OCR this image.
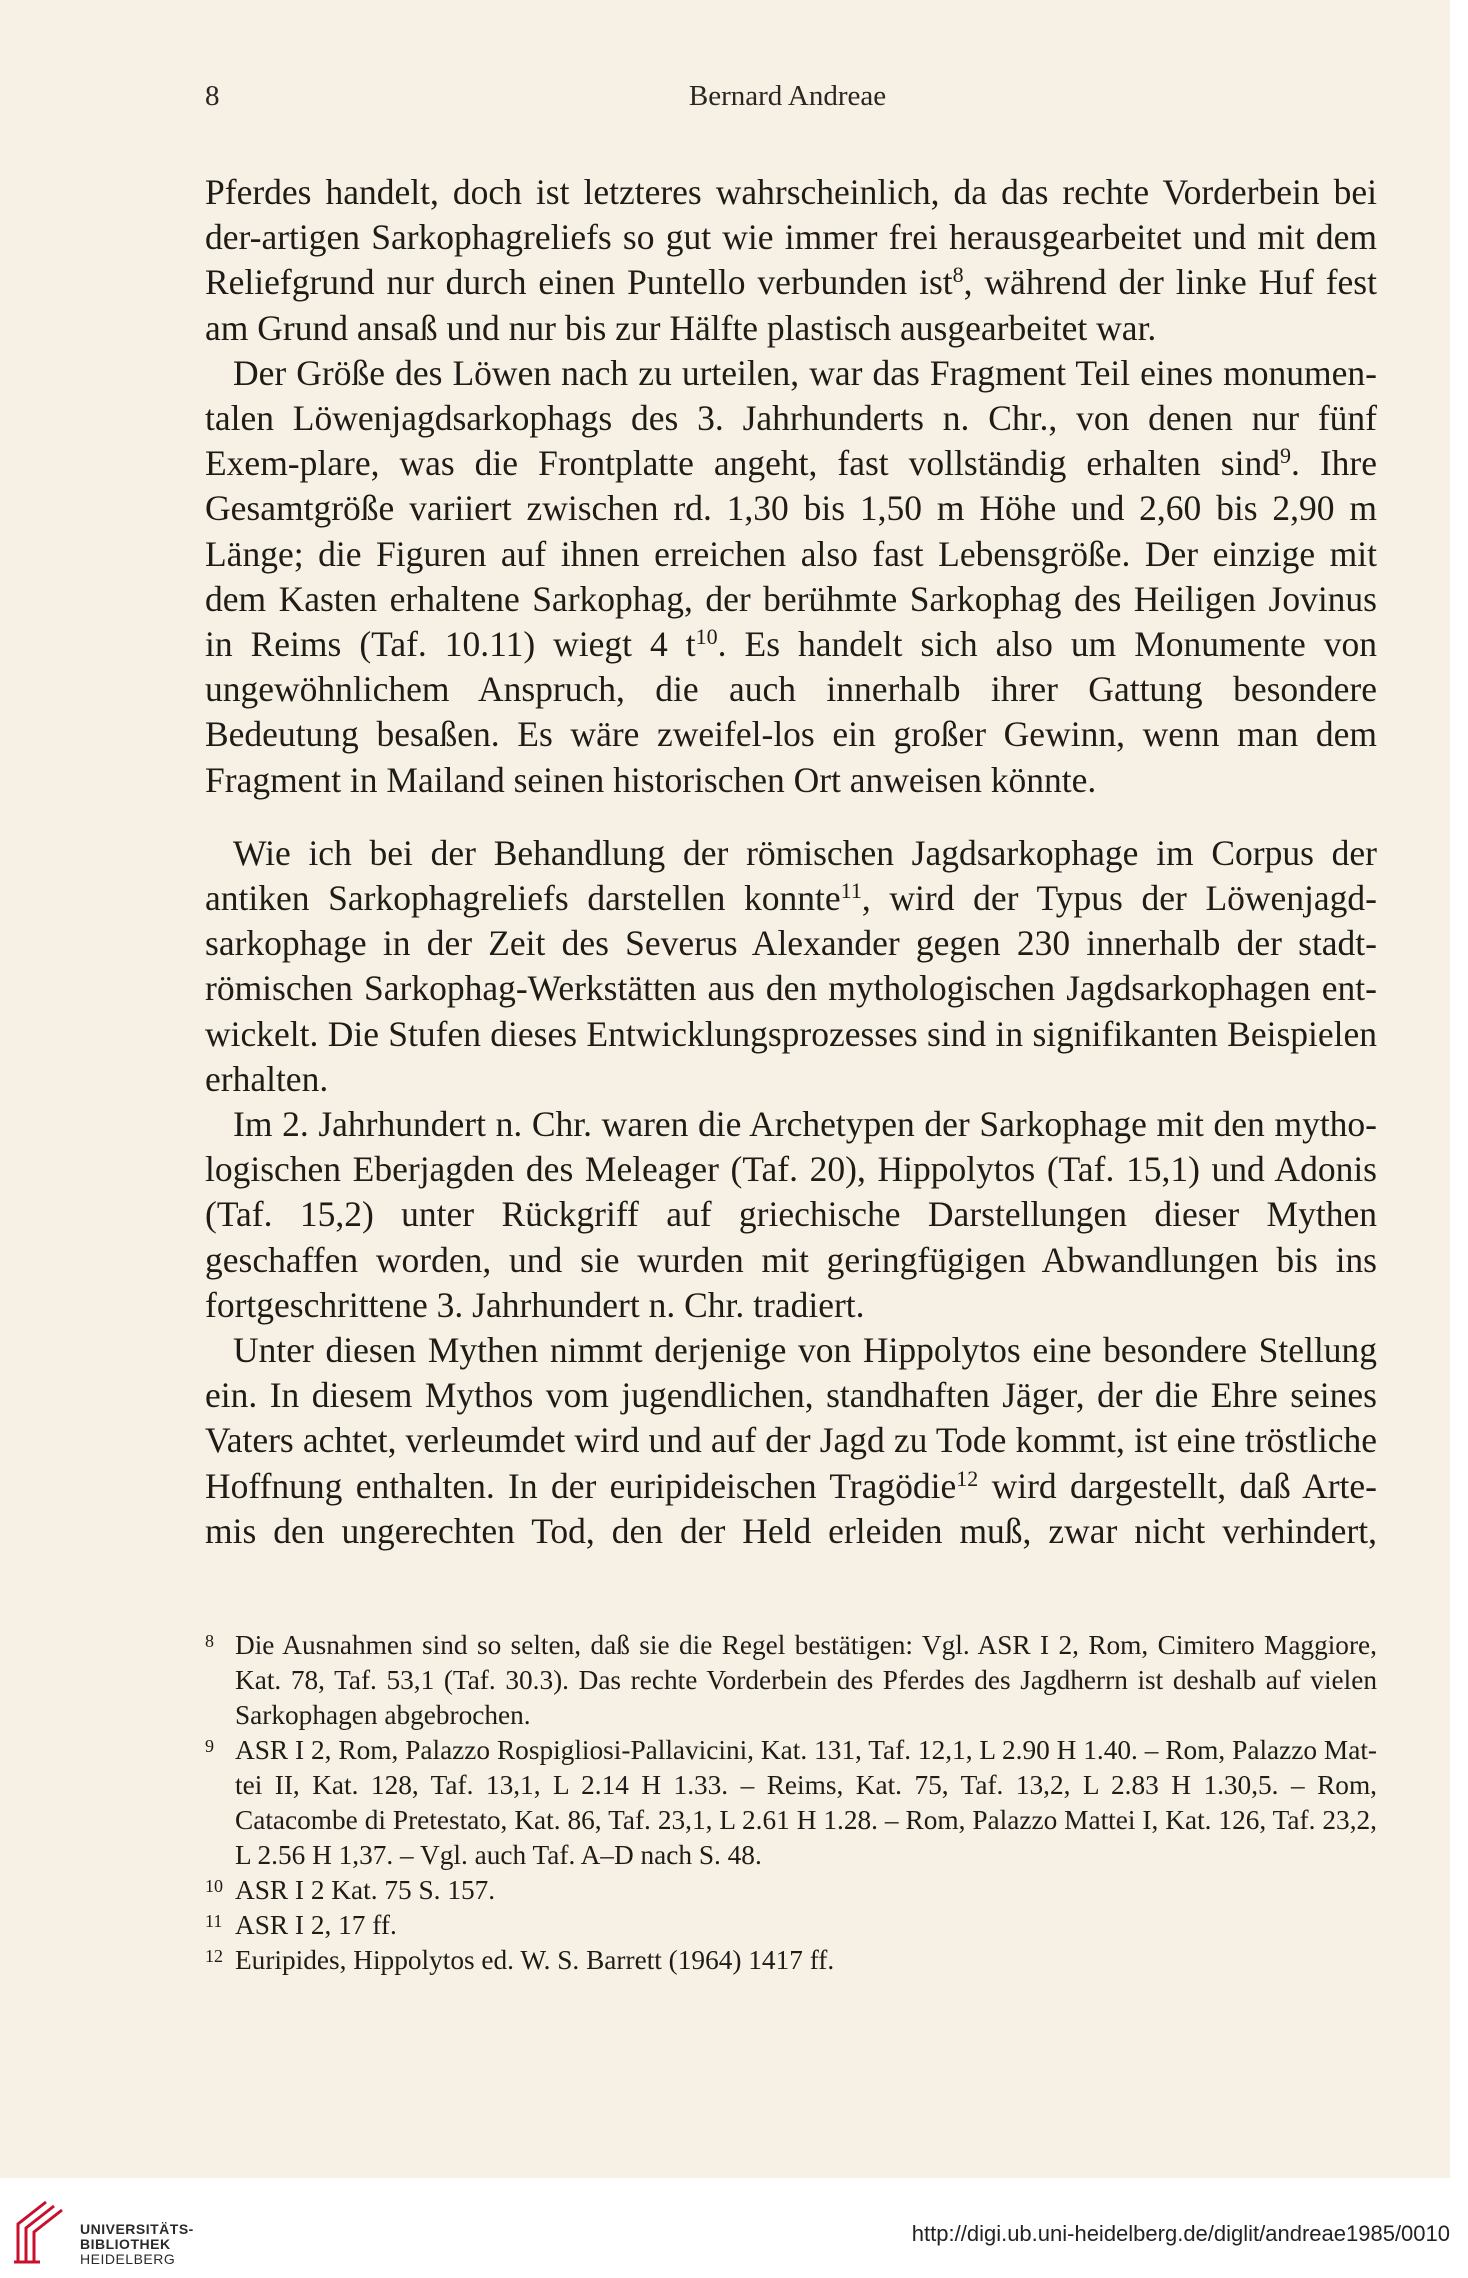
8	Bernard Andreae

Pferdes handelt, doch ist letzteres wahrscheinlich, da das rechte Vorderbein bei der-artigen Sarkophagreliefs so gut wie immer frei herausgearbeitet und mit dem Reliefgrund nur durch einen Puntello verbunden ist$^8$, während der linke Huf fest am Grund ansaß und nur bis zur Hälfte plastisch ausgearbeitet war.

Der Größe des Löwen nach zu urteilen, war das Fragment Teil eines monumen-talen Löwenjagdsarkophags des 3. Jahrhunderts n. Chr., von denen nur fünf Exem-plare, was die Frontplatte angeht, fast vollständig erhalten sind$^9$. Ihre Gesamtgröße variiert zwischen rd. 1,30 bis 1,50 m Höhe und 2,60 bis 2,90 m Länge; die Figuren auf ihnen erreichen also fast Lebensgröße. Der einzige mit dem Kasten erhaltene Sarkophag, der berühmte Sarkophag des Heiligen Jovinus in Reims (Taf. 10.11) wiegt 4 $t^{10}$. Es handelt sich also um Monumente von ungewöhnlichem Anspruch, die auch innerhalb ihrer Gattung besondere Bedeutung besaßen. Es wäre zweifel-los ein großer Gewinn, wenn man dem Fragment in Mailand seinen historischen Ort anweisen könnte.

Wie ich bei der Behandlung der römischen Jagdsarkophage im Corpus der antiken Sarkophagreliefs darstellen konnte$^{11}$, wird der Typus der Löwenjagd-sarkophage in der Zeit des Severus Alexander gegen 230 innerhalb der stadt-römischen Sarkophag-Werkstätten aus den mythologischen Jagdsarkophagen ent-wickelt. Die Stufen dieses Entwicklungsprozesses sind in signifikanten Beispielen erhalten.

Im 2. Jahrhundert n. Chr. waren die Archetypen der Sarkophage mit den mytho-logischen Eberjagden des Meleager (Taf. 20), Hippolytos (Taf. 15,1) und Adonis (Taf. 15,2) unter Rückgriff auf griechische Darstellungen dieser Mythen geschaffen worden, und sie wurden mit geringfügigen Abwandlungen bis ins fortgeschrittene 3. Jahrhundert n. Chr. tradiert.

Unter diesen Mythen nimmt derjenige von Hippolytos eine besondere Stellung ein. In diesem Mythos vom jugendlichen, standhaften Jäger, der die Ehre seines Vaters achtet, verleumdet wird und auf der Jagd zu Tode kommt, ist eine tröstliche Hoffnung enthalten. In der euripideischen Tragödie$^{12}$ wird dargestellt, daß Arte-mis den ungerechten Tod, den der Held erleiden muß, zwar nicht verhindert,

8 Die Ausnahmen sind so selten, daß sie die Regel bestätigen: Vgl. ASR I 2, Rom, Cimitero Maggiore, Kat. 78, Taf. 53,1 (Taf. 30.3). Das rechte Vorderbein des Pferdes des Jagdherrn ist deshalb auf vielen Sarkophagen abgebrochen.
9 ASR I 2, Rom, Palazzo Rospigliosi-Pallavicini, Kat. 131, Taf. 12,1, L 2.90 H 1.40. – Rom, Palazzo Mat-tei II, Kat. 128, Taf. 13,1, L 2.14 H 1.33. – Reims, Kat. 75, Taf. 13,2, L 2.83 H 1.30,5. – Rom, Catacombe di Pretestato, Kat. 86, Taf. 23,1, L 2.61 H 1.28. – Rom, Palazzo Mattei I, Kat. 126, Taf. 23,2, L 2.56 H 1,37. – Vgl. auch Taf. A–D nach S. 48.
10 ASR I 2 Kat. 75 S. 157.
11 ASR I 2, 17 ff.
12 Euripides, Hippolytos ed. W. S. Barrett (1964) 1417 ff.
UNIVERSITÄTS-
BIBLIOTHEK
HEIDELBERG
http://digi.ub.uni-heidelberg.de/diglit/andreae1985/0010
